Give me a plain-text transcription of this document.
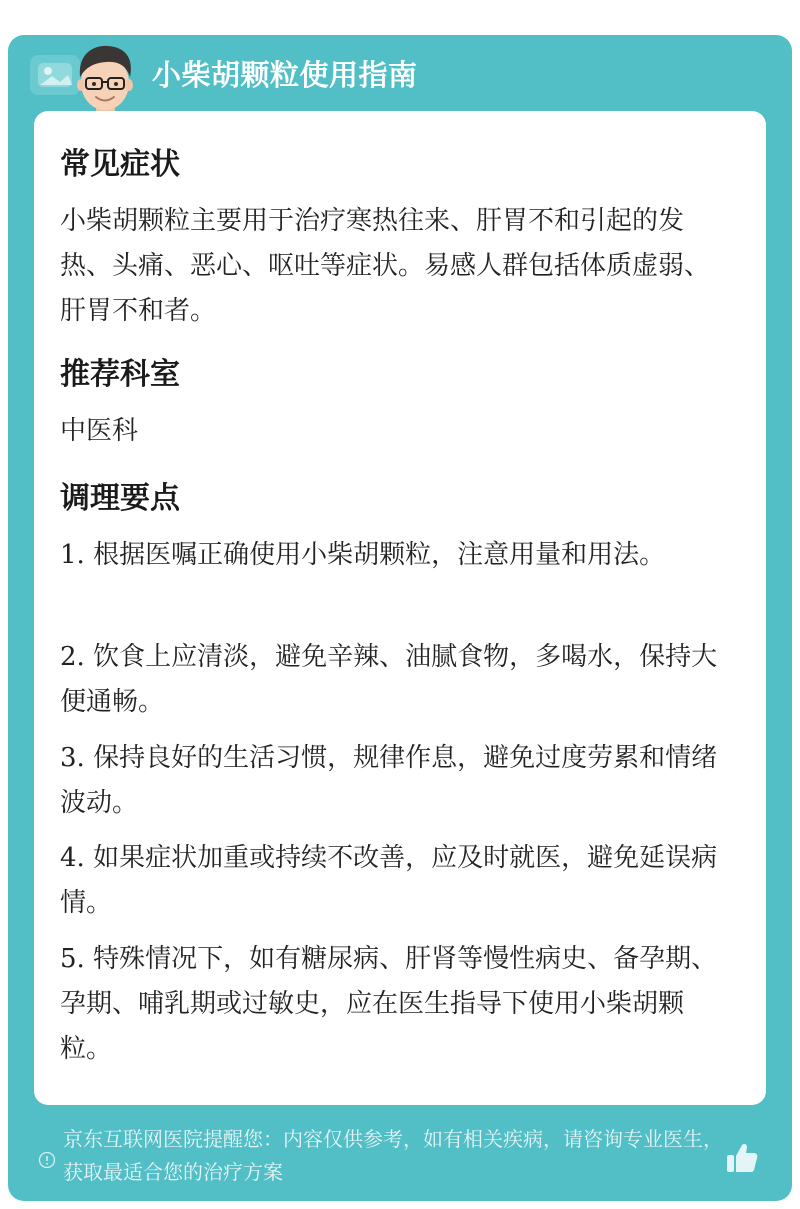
小柴胡颗粒使用指南
京东互联网医院提醒您：内容仅供参考，如有相关疾病，请咨询专业医生，获取最适合您的治疗方案
常见症状
小柴胡颗粒主要用于治疗寒热往来、肝胃不和引起的发热、头痛、恶心、呕吐等症状。易感人群包括体质虚弱、肝胃不和者。
推荐科室
中医科
调理要点
1. 根据医嘱正确使用小柴胡颗粒，注意用量和用法。
2. 饮食上应清淡，避免辛辣、油腻食物，多喝水，保持大便通畅。
3. 保持良好的生活习惯，规律作息，避免过度劳累和情绪波动。
4. 如果症状加重或持续不改善，应及时就医，避免延误病情。
5. 特殊情况下，如有糖尿病、肝肾等慢性病史、备孕期、孕期、哺乳期或过敏史，应在医生指导下使用小柴胡颗粒。
